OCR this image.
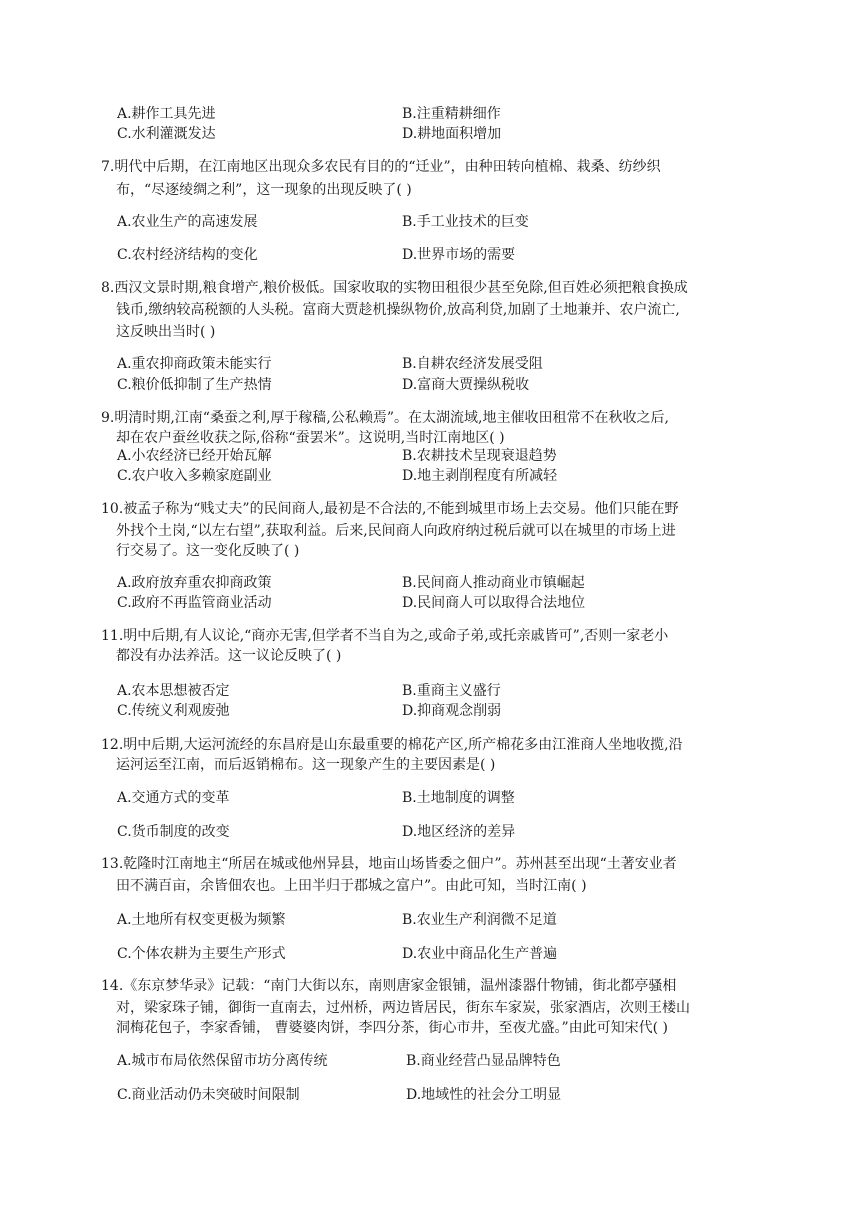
A.耕作工具先进	B.注重精耕细作
C.水利灌溉发达	D.耕地面积增加
7.明代中后期，在江南地区出现众多农民有目的的“迁业”，由种田转向植棉、栽桑、纺纱织
布，“尽逐绫绸之利”，这一现象的出现反映了( )
A.农业生产的高速发展	B.手工业技术的巨变
C.农村经济结构的变化	D.世界市场的需要
8.西汉文景时期,粮食增产,粮价极低。国家收取的实物田租很少甚至免除,但百姓必须把粮食换成
钱币,缴纳较高税额的人头税。富商大贾趁机操纵物价,放高利贷,加剧了土地兼并、农户流亡,
这反映出当时( )
A.重农抑商政策未能实行	B.自耕农经济发展受阻
C.粮价低抑制了生产热情	D.富商大贾操纵税收
9.明清时期,江南“桑蚕之利,厚于稼穑,公私赖焉”。在太湖流域,地主催收田租常不在秋收之后,
却在农户蚕丝收获之际,俗称“蚕罢米”。这说明,当时江南地区( )
A.小农经济已经开始瓦解	B.农耕技术呈现衰退趋势
C.农户收入多赖家庭副业	D.地主剥削程度有所减轻
10.被孟子称为“贱丈夫”的民间商人,最初是不合法的,不能到城里市场上去交易。他们只能在野
外找个土岗,“以左右望”,获取利益。后来,民间商人向政府纳过税后就可以在城里的市场上进
行交易了。这一变化反映了( )
A.政府放弃重农抑商政策	B.民间商人推动商业市镇崛起
C.政府不再监管商业活动	D.民间商人可以取得合法地位
11.明中后期,有人议论,“商亦无害,但学者不当自为之,或命子弟,或托亲戚皆可”,否则一家老小
都没有办法养活。这一议论反映了( )
A.农本思想被否定	B.重商主义盛行
C.传统义利观废弛	D.抑商观念削弱
12.明中后期,大运河流经的东昌府是山东最重要的棉花产区,所产棉花多由江淮商人坐地收揽,沿
运河运至江南，而后返销棉布。这一现象产生的主要因素是( )
A.交通方式的变革	B.土地制度的调整
C.货币制度的改变	D.地区经济的差异
13.乾隆时江南地主“所居在城或他州异县，地亩山场皆委之佃户”。苏州甚至出现“土著安业者
田不满百亩，余皆佃农也。上田半归于郡城之富户”。由此可知，当时江南( )
A.土地所有权变更极为频繁	B.农业生产利润微不足道
C.个体农耕为主要生产形式	D.农业中商品化生产普遍
14.《东京梦华录》记载：“南门大街以东，南则唐家金银铺，温州漆器什物铺，街北都亭骚相
对，梁家珠子铺，御街一直南去，过州桥，两边皆居民，街东车家炭，张家酒店，次则王楼山
洞梅花包子，李家香铺， 曹婆婆肉饼，李四分茶，街心市井，至夜尤盛。”由此可知宋代( )
A.城市布局依然保留市坊分离传统	B.商业经营凸显品牌特色
C.商业活动仍未突破时间限制	D.地域性的社会分工明显
